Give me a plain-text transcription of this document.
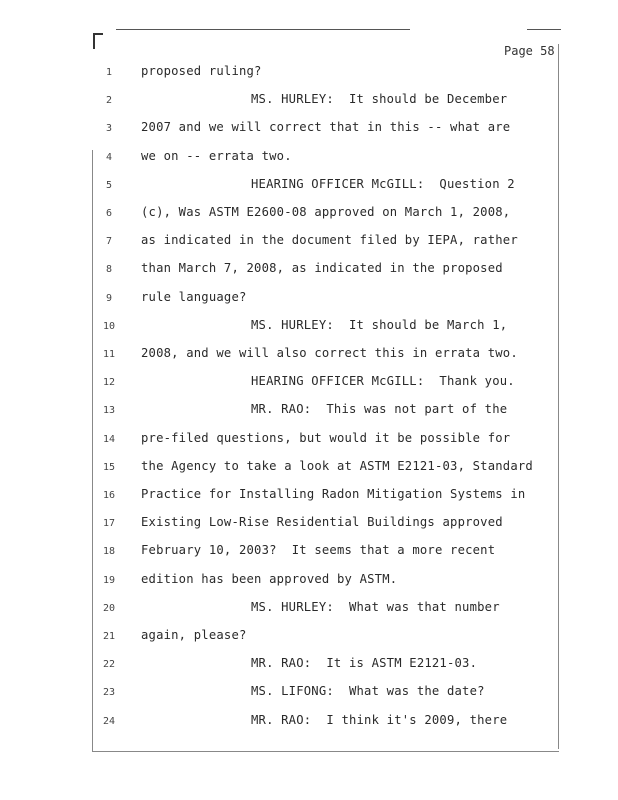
Page 58
1	proposed ruling?
2	MS. HURLEY:  It should be December
3	2007 and we will correct that in this -- what are
4	we on -- errata two.
5	HEARING OFFICER McGILL:  Question 2
6	(c), Was ASTM E2600-08 approved on March 1, 2008,
7	as indicated in the document filed by IEPA, rather
8	than March 7, 2008, as indicated in the proposed
9	rule language?
10	MS. HURLEY:  It should be March 1,
11	2008, and we will also correct this in errata two.
12	HEARING OFFICER McGILL:  Thank you.
13	MR. RAO:  This was not part of the
14	pre-filed questions, but would it be possible for
15	the Agency to take a look at ASTM E2121-03, Standard
16	Practice for Installing Radon Mitigation Systems in
17	Existing Low-Rise Residential Buildings approved
18	February 10, 2003?  It seems that a more recent
19	edition has been approved by ASTM.
20	MS. HURLEY:  What was that number
21	again, please?
22	MR. RAO:  It is ASTM E2121-03.
23	MS. LIFONG:  What was the date?
24	MR. RAO:  I think it's 2009, there
